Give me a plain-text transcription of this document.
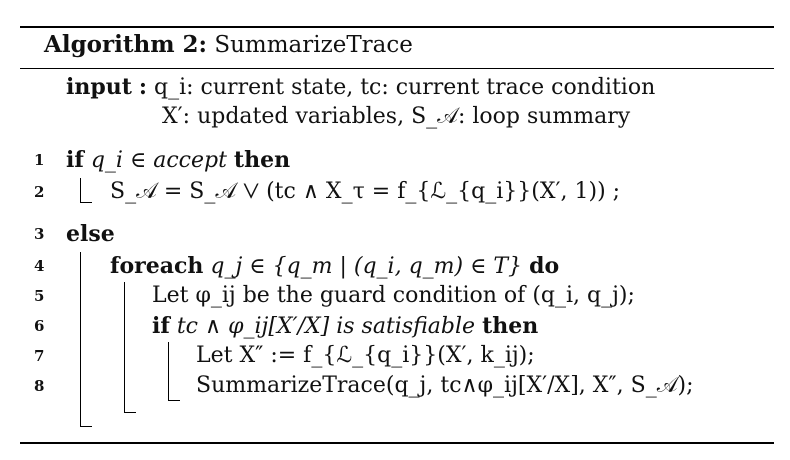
Algorithm 2: SummarizeTrace
input : q_i: current state, tc: current trace condition
X′: updated variables, S_𝒜: loop summary
1
2
3
4
5
6
7
8
if q_i ∈ accept then
S_𝒜 = S_𝒜 ⋁ (tc ∧ X_τ = f_{ℒ_{q_i}}(X′, 1)) ;
else
foreach q_j ∈ {q_m | (q_i, q_m) ∈ T} do
Let φ_ij be the guard condition of (q_i, q_j);
if tc ∧ φ_ij[X′/X] is satisfiable then
Let X″ := f_{ℒ_{q_i}}(X′, k_ij);
SummarizeTrace(q_j, tc∧φ_ij[X′/X], X″, S_𝒜);
